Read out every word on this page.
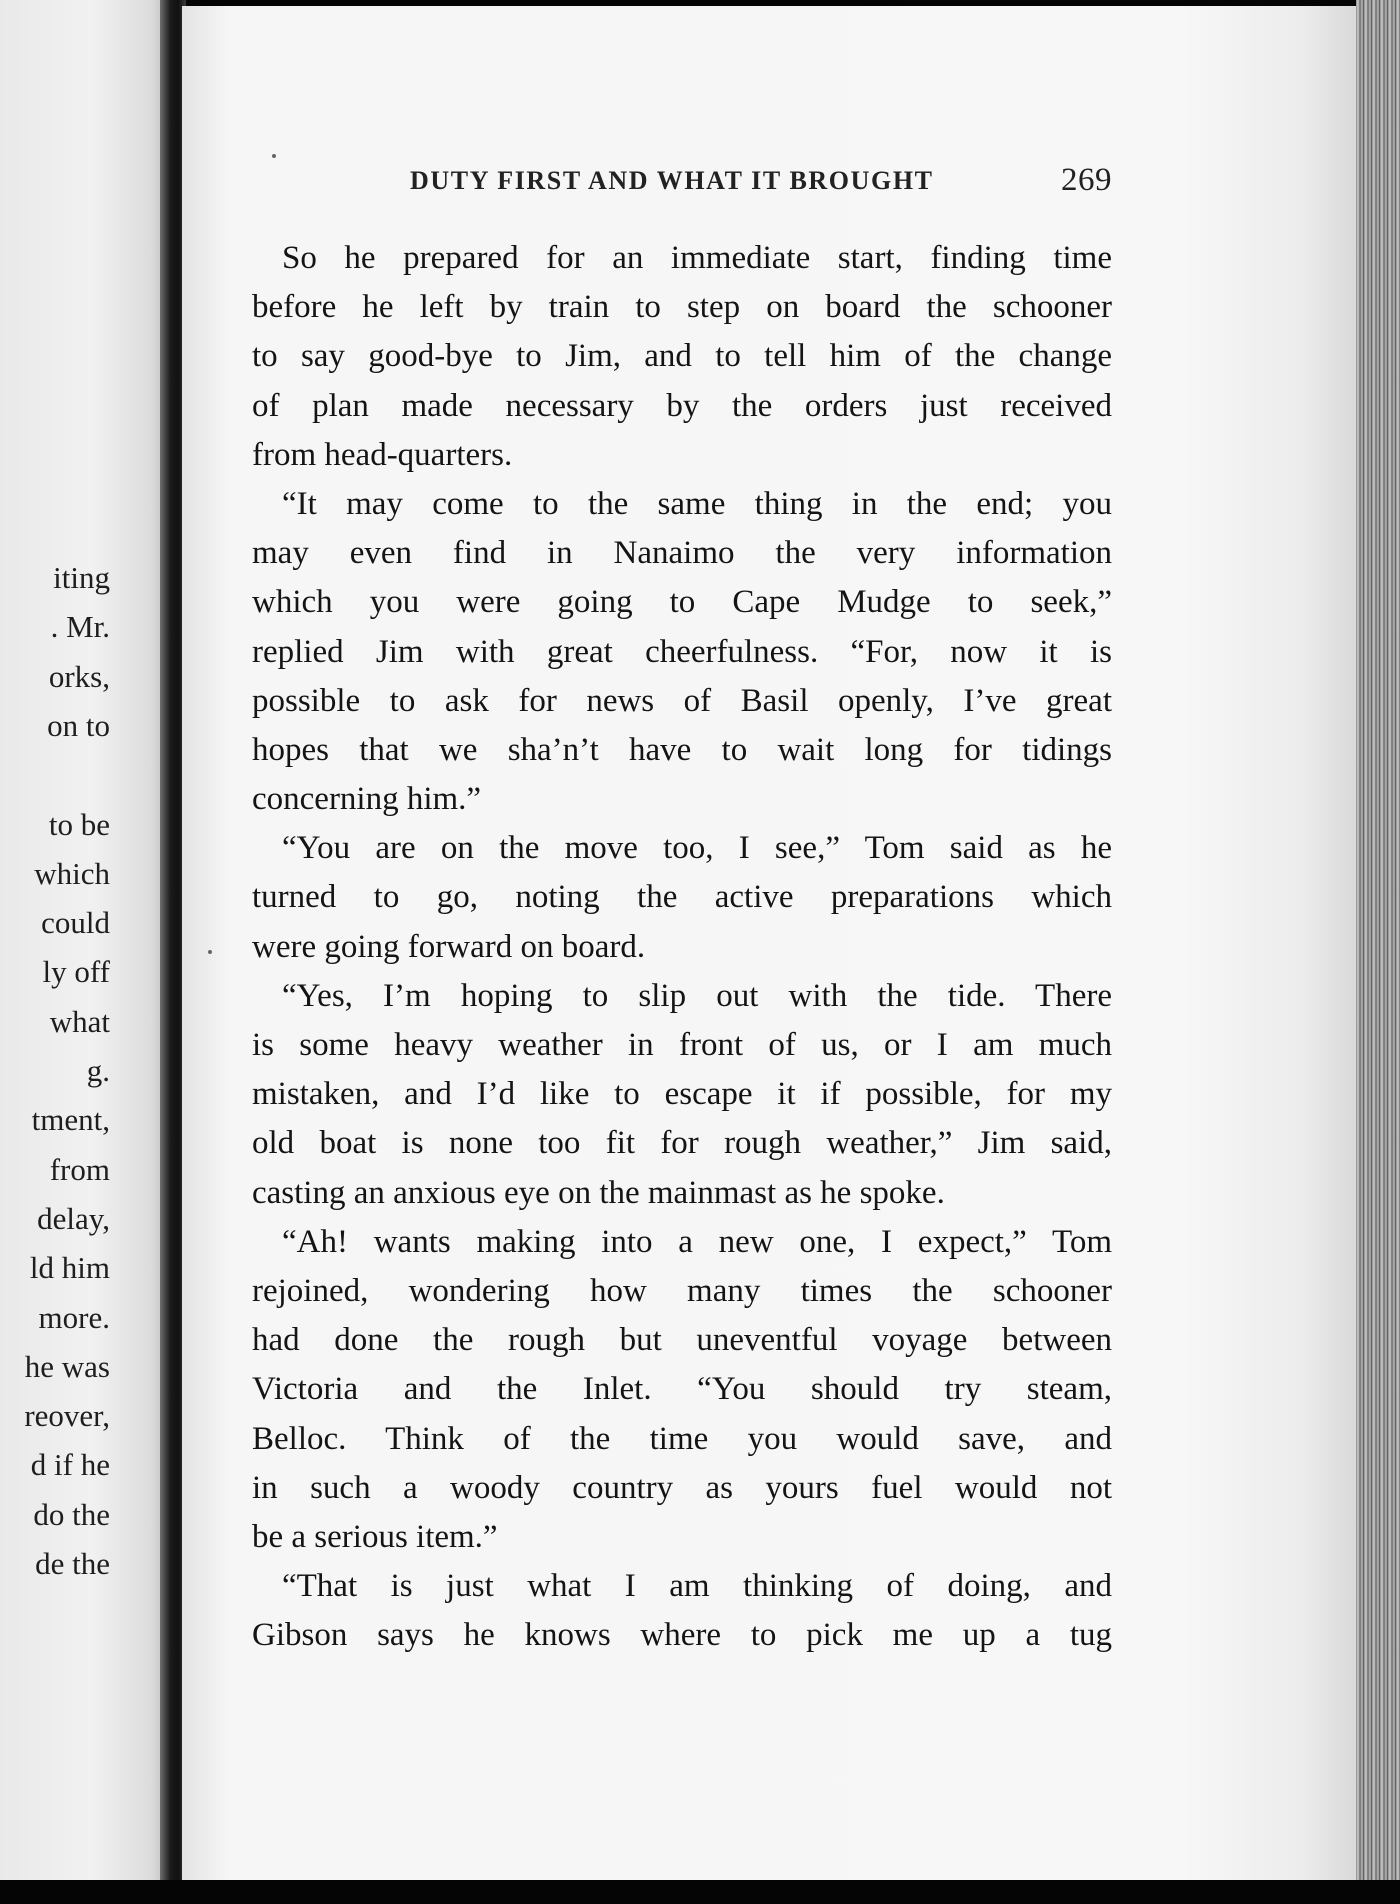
iting
. Mr.
orks,
on to
to be
which
could
ly off
what
g.
tment,
from
delay,
ld him
more.
he was
reover,
d if he
do the
de the
DUTY FIRST AND WHAT IT BROUGHT	269
So he prepared for an immediate start, finding time
before he left by train to step on board the schooner
to say good-bye to Jim, and to tell him of the change
of plan made necessary by the orders just received
from head-quarters.
“It may come to the same thing in the end; you
may even find in Nanaimo the very information
which you were going to Cape Mudge to seek,”
replied Jim with great cheerfulness. “For, now it is
possible to ask for news of Basil openly, I’ve great
hopes that we sha’n’t have to wait long for tidings
concerning him.”
“You are on the move too, I see,” Tom said as he
turned to go, noting the active preparations which
were going forward on board.
“Yes, I’m hoping to slip out with the tide. There
is some heavy weather in front of us, or I am much
mistaken, and I’d like to escape it if possible, for my
old boat is none too fit for rough weather,” Jim said,
casting an anxious eye on the mainmast as he spoke.
“Ah! wants making into a new one, I expect,” Tom
rejoined, wondering how many times the schooner
had done the rough but uneventful voyage between
Victoria and the Inlet. “You should try steam,
Belloc. Think of the time you would save, and
in such a woody country as yours fuel would not
be a serious item.”
“That is just what I am thinking of doing, and
Gibson says he knows where to pick me up a tug
